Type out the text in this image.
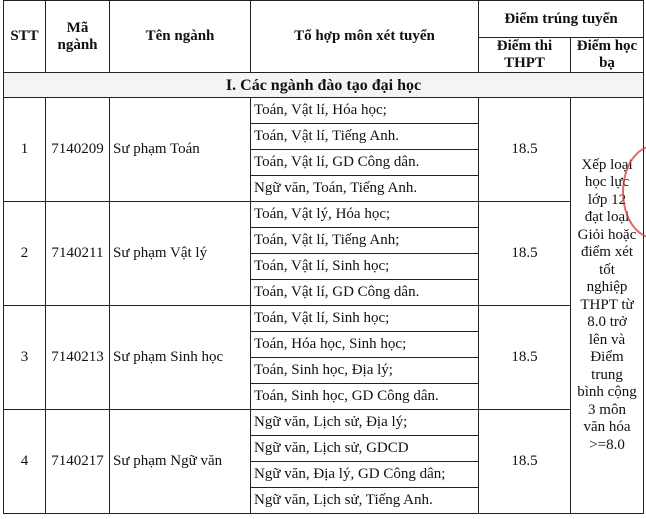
STT	Mã ngành	Tên ngành	Tổ hợp môn xét tuyển	Điểm trúng tuyển	
				Điểm thi THPT	Điểm học bạ
I. Các ngành đào tạo đại học					
1	7140209	Sư phạm Toán	Toán, Vật lí, Hóa học;	18.5	Xếp loại học lực lớp 12 đạt loại Giỏi hoặc điểm xét tốt nghiệp THPT từ 8.0 trở lên và Điểm trung bình cộng 3 môn văn hóa >=8.0
			Toán, Vật lí, Tiếng Anh.		
			Toán, Vật lí, GD Công dân.		
			Ngữ văn, Toán, Tiếng Anh.		
2	7140211	Sư phạm Vật lý	Toán, Vật lý, Hóa học;	18.5	
			Toán, Vật lí, Tiếng Anh;		
			Toán, Vật lí, Sinh học;		
			Toán, Vật lí, GD Công dân.		
3	7140213	Sư phạm Sinh học	Toán, Vật lí, Sinh học;	18.5	
			Toán, Hóa học, Sinh học;		
			Toán, Sinh học, Địa lý;		
			Toán, Sinh học, GD Công dân.		
4	7140217	Sư phạm Ngữ văn	Ngữ văn, Lịch sử, Địa lý;	18.5	
			Ngữ văn, Lịch sử, GDCD		
			Ngữ văn, Địa lý, GD Công dân;		
			Ngữ văn, Lịch sử, Tiếng Anh.		
